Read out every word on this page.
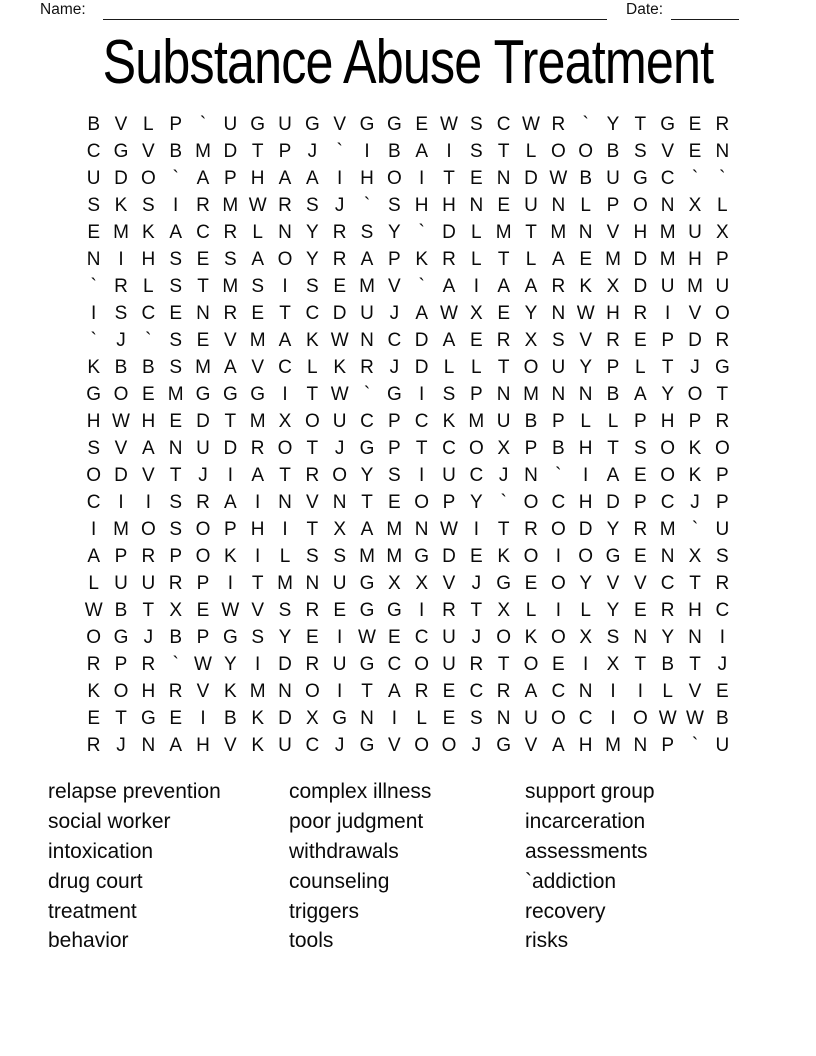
Name:	Date:
Substance Abuse Treatment
B V L P ` U G U G V G G E W S C W R ` Y T G E R
C G V B M D T P J	`	I B A I S T L O O B S V E N
U D O ` A P H A A I H O I T E N D W B U G C `	`
S K S I R M W R S J	` S H H N E U N L P O N X L
E M K A C R L N Y R S Y ` D L M T M N V H M U X
N I H S E S A O Y R A P K R L T L A E M D M H P
` R L S T M S I S E M V ` A I A A R K X D U M U
I S C E N R E T C D U J A W X E Y N W H R I V O
`	J	` S E V M A K W N C D A E R X S V R E P D R
K B B S M A V C L K R J D L L T O U Y P L T J G
G O E M G G G I T W ` G I S P N M N N B A Y O T
H W H E D T M X O U C P C K M U B P L L P H P R
S V A N U D R O T J G P T C O X P B H T S O K O
O D V T J	I A T R O Y S I U C J N `	I A E O K P
C I	I S R A I N V N T E O P Y ` O C H D P C J P
I M O S O P H I T X A M N W I T R O D Y R M ` U
A P R P O K I	L S S M M G D E K O I O G E N X S
L U U R P I T M N U G X X V J G E O Y V V C T R
W B T X E W V S R E G G I R T X L	I	L Y E R H C
O G J B P G S Y E I W E C U J O K O X S N Y N I
R P R ` W Y I D R U G C O U R T O E I X T B T J
K O H R V K M N O I T A R E C R A C N I	I	L V E
E T G E I B K D X G N I	L E S N U O C I O W W B
R J N A H V K U C J G V O O J G V A H M N P ` U
relapse prevention
social worker
intoxication
drug court
treatment
behavior
complex illness
poor judgment
withdrawals
counseling
triggers
tools
support group
incarceration
assessments
`addiction
recovery
risks
